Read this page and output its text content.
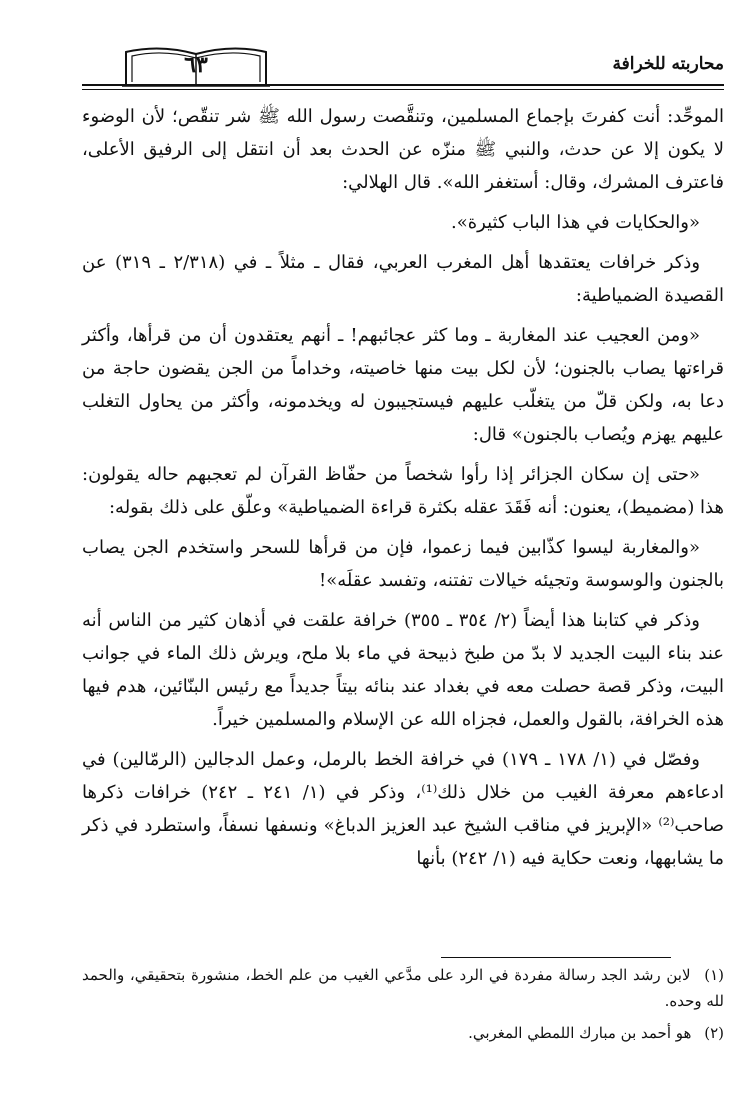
٦٣	محاربته للخرافة

الموحِّد: أنت كفرتَ بإجماع المسلمين، وتنقَّصت رسول الله ﷺ شر تنقّص؛ لأن الوضوء لا يكون إلا عن حدث، والنبي ﷺ منزّه عن الحدث بعد أن انتقل إلى الرفيق الأعلى، فاعترف المشرك، وقال: أستغفر الله». قال الهلالي:

«والحكايات في هذا الباب كثيرة».

وذكر خرافات يعتقدها أهل المغرب العربي، فقال ـ مثلاً ـ في (٢/٣١٨ ـ ٣١٩) عن القصيدة الضمياطية:

«ومن العجيب عند المغاربة ـ وما كثر عجائبهم! ـ أنهم يعتقدون أن من قرأها، وأكثر قراءتها يصاب بالجنون؛ لأن لكل بيت منها خاصيته، وخداماً من الجن يقضون حاجة من دعا به، ولكن قلّ من يتغلّب عليهم فيستجيبون له ويخدمونه، وأكثر من يحاول التغلب عليهم يهزم ويُصاب بالجنون» قال:

«حتى إن سكان الجزائر إذا رأوا شخصاً من حفّاظ القرآن لم تعجبهم حاله يقولون: هذا (مضميط)، يعنون: أنه فَقَدَ عقله بكثرة قراءة الضمياطية» وعلّق على ذلك بقوله:

«والمغاربة ليسوا كذّابين فيما زعموا، فإن من قرأها للسحر واستخدم الجن يصاب بالجنون والوسوسة وتجيئه خيالات تفتنه، وتفسد عقلَه»!

وذكر في كتابنا هذا أيضاً (٢/ ٣٥٤ ـ ٣٥٥) خرافة علقت في أذهان كثير من الناس أنه عند بناء البيت الجديد لا بدّ من طبخ ذبيحة في ماء بلا ملح، ويرش ذلك الماء في جوانب البيت، وذكر قصة حصلت معه في بغداد عند بنائه بيتاً جديداً مع رئيس البنّائين، هدم فيها هذه الخرافة، بالقول والعمل، فجزاه الله عن الإسلام والمسلمين خيراً.

وفصّل في (١/ ١٧٨ ـ ١٧٩) في خرافة الخط بالرمل، وعمل الدجالين (الرمّالين) في ادعاءهم معرفة الغيب من خلال ذلك⁽¹⁾، وذكر في (١/ ٢٤١ ـ ٢٤٢) خرافات ذكرها صاحب⁽²⁾ «الإبريز في مناقب الشيخ عبد العزيز الدباغ» ونسفها نسفاً، واستطرد في ذكر ما يشابهها، ونعت حكاية فيه (١/ ٢٤٢) بأنها

(١) لابن رشد الجد رسالة مفردة في الرد على مدَّعي الغيب من علم الخط، منشورة بتحقيقي، والحمد لله وحده.

(٢) هو أحمد بن مبارك اللمطي المغربي.
